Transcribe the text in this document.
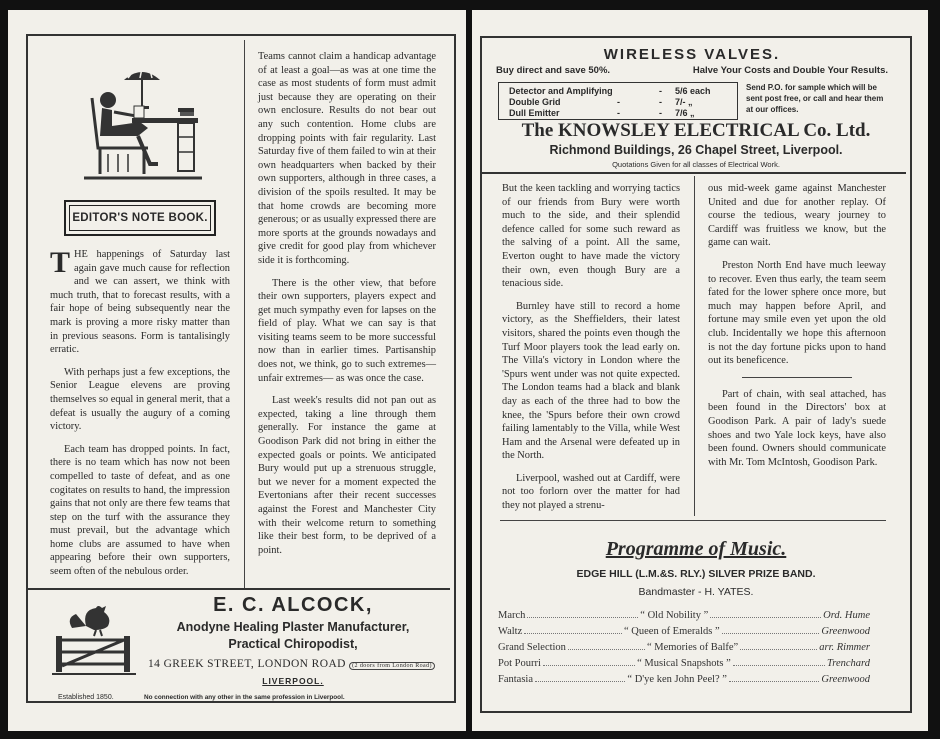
EDITOR'S NOTE BOOK.

THE happenings of Saturday last again gave much cause for reflection and we can assert, we think with much truth, that to forecast results, with a fair hope of being subsequently near the mark is proving a more risky matter than in previous seasons. Form is tantalisingly erratic.

With perhaps just a few exceptions, the Senior League elevens are proving themselves so equal in general merit, that a defeat is usually the augury of a coming victory.

Each team has dropped points. In fact, there is no team which has now not been compelled to taste of defeat, and as one cogitates on results to hand, the impression gains that not only are there few teams that step on the turf with the assurance they must prevail, but the advantage which home clubs are assumed to have when appearing before their own supporters, seem often of the nebulous order.

Teams cannot claim a handicap advantage of at least a goal—as was at one time the case as most students of form must admit just because they are operating on their own enclosure. Results do not bear out any such contention. Home clubs are dropping points with fair regularity. Last Saturday five of them failed to win at their own headquarters when backed by their own supporters, although in three cases, a division of the spoils resulted. It may be that home crowds are becoming more generous; or as usually expressed there are more sports at the grounds nowadays and give credit for good play from whichever side it is forthcoming.

There is the other view, that before their own supporters, players expect and get much sympathy even for lapses on the field of play. What we can say is that visiting teams seem to be more successful now than in earlier times. Partisanship does not, we think, go to such extremes—unfair extremes— as was once the case.

Last week's results did not pan out as expected, taking a line through them generally. For instance the game at Goodison Park did not bring in either the expected goals or points. We anticipated Bury would put up a strenuous struggle, but we never for a moment expected the Evertonians after their recent successes against the Forest and Manchester City with their welcome return to something like their best form, to be deprived of a point.

E. C. ALCOCK,
Anodyne Healing Plaster Manufacturer,
Practical Chiropodist,
14 GREEK STREET, LONDON ROAD (2 doors from London Road)
LIVERPOOL.
Established 1850.	No connection with any other in the same profession in Liverpool.
WIRELESS VALVES.
Buy direct and save 50%.	Halve Your Costs and Double Your Results.
Detector and Amplifying	- 5/6 each
Double Grid	-	- 7/- „
Dull Emitter	-	- 7/6 „
Send P.O. for sample which will be sent post free, or call and hear them at our offices.
The KNOWSLEY ELECTRICAL Co. Ltd.
Richmond Buildings, 26 Chapel Street, Liverpool.
Quotations Given for all classes of Electrical Work.

But the keen tackling and worrying tactics of our friends from Bury were worth much to the side, and their splendid defence called for some such reward as the salving of a point. All the same, Everton ought to have made the victory their own, even though Bury are a tenacious side.

Burnley have still to record a home victory, as the Sheffielders, their latest visitors, shared the points even though the Turf Moor players took the lead early on. The Villa's victory in London where the 'Spurs went under was not quite expected. The London teams had a black and blank day as each of the three had to bow the knee, the 'Spurs before their own crowd failing lamentably to the Villa, while West Ham and the Arsenal were defeated up in the North.

Liverpool, washed out at Cardiff, were not too forlorn over the matter for had they not played a strenu-

ous mid-week game against Manchester United and due for another replay. Of course the tedious, weary journey to Cardiff was fruitless we know, but the game can wait.

Preston North End have much leeway to recover. Even thus early, the team seem fated for the lower sphere once more, but much may happen before April, and fortune may smile even yet upon the old club. Incidentally we hope this afternoon is not the day fortune picks upon to hand out its beneficence.

Part of chain, with seal attached, has been found in the Directors' box at Goodison Park. A pair of lady's suede shoes and two Yale lock keys, have also been found. Owners should communicate with Mr. Tom McIntosh, Goodison Park.

Programme of Music.
EDGE HILL (L.M.&S. RLY.) SILVER PRIZE BAND.
Bandmaster - H. YATES.
March	“ Old Nobility ”	Ord. Hume
Waltz	“ Queen of Emeralds ”	Greenwood
Grand Selection	“ Memories of Balfe”	arr. Rimmer
Pot Pourri	“ Musical Snapshots ”	Trenchard
Fantasia	“ D'ye ken John Peel? ”	Greenwood
